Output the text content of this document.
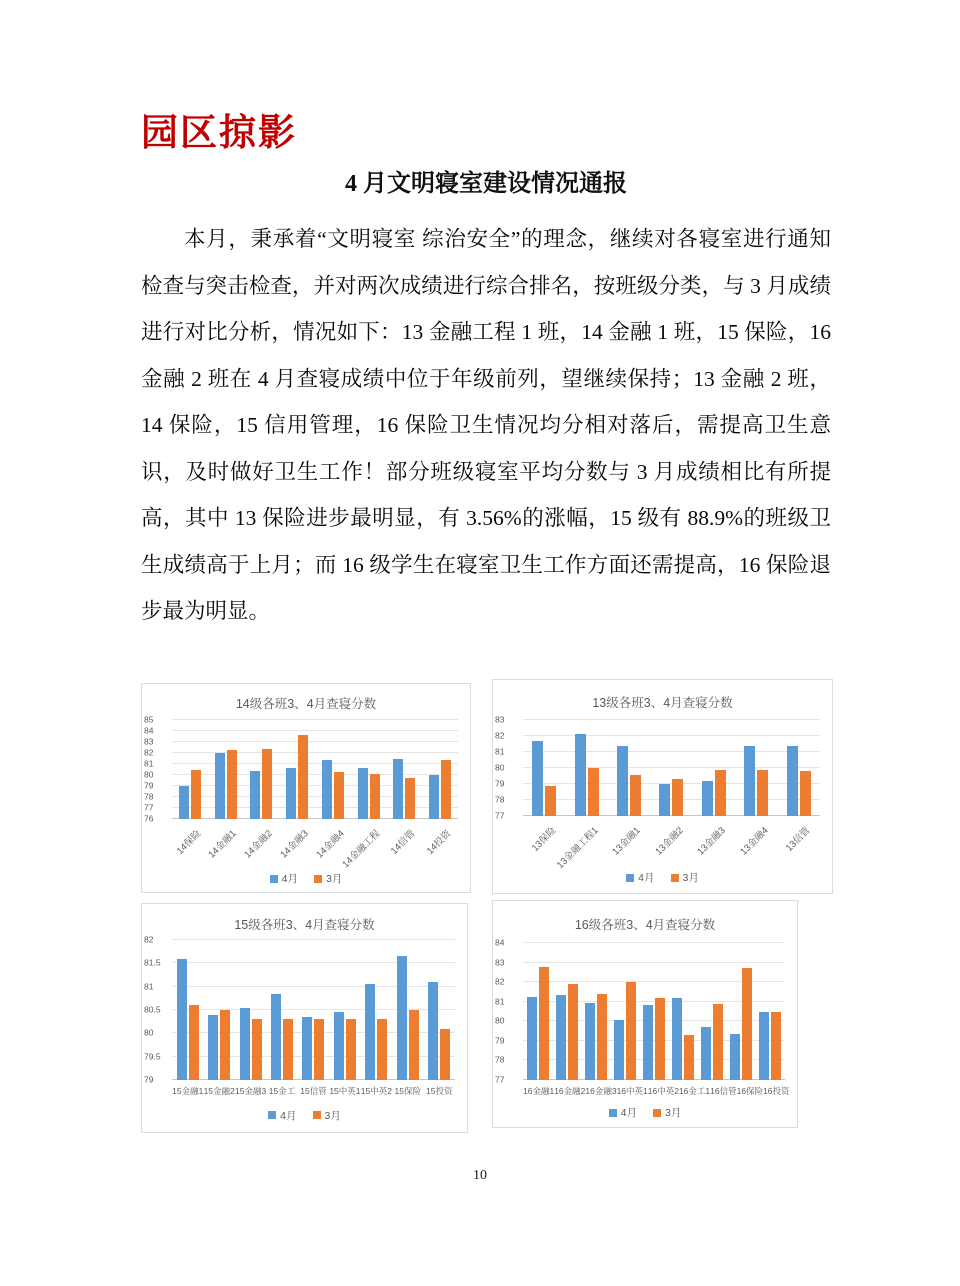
园区掠影
4 月文明寝室建设情况通报
本月，秉承着“文明寝室 综治安全”的理念，继续对各寝室进行通知检查与突击检查，并对两次成绩进行综合排名，按班级分类，与 3 月成绩进行对比分析，情况如下：13 金融工程 1 班，14 金融 1 班，15 保险，16 金融 2 班在 4 月查寝成绩中位于年级前列，望继续保持；13 金融 2 班，14 保险，15 信用管理，16 保险卫生情况均分相对落后，需提高卫生意识，及时做好卫生工作！部分班级寝室平均分数与 3 月成绩相比有所提高，其中 13 保险进步最明显，有 3.56%的涨幅，15 级有 88.9%的班级卫生成绩高于上月；而 16 级学生在寝室卫生工作方面还需提高，16 保险退步最为明显。
14级各班3、4月查寝分数
76
77
78
79
80
81
82
83
84
85
14保险 14金融1 14金融2 14金融3 14金融4
14金融工程 14信管 14投资
4月	3月
13级各班3、4月查寝分数
77
78
79
80
81
82
83
13保险
13金融工程1 13金融1 13金融2 13金融3 13金融4 13信管
4月	3月
15级各班3、4月查寝分数
79
79.5
80
80.5
81
81.5
82
15金融1 15金融2 15金融3 15金工 15信管 15中英1 15中英2 15保险 15投资
4月	3月
16级各班3、4月查寝分数
77
78
79
80
81
82
83
84
16金融1 16金融2 16金融3 16中英1 16中英2 16金工1 16信管 16保险 16投资
4月	3月
10
